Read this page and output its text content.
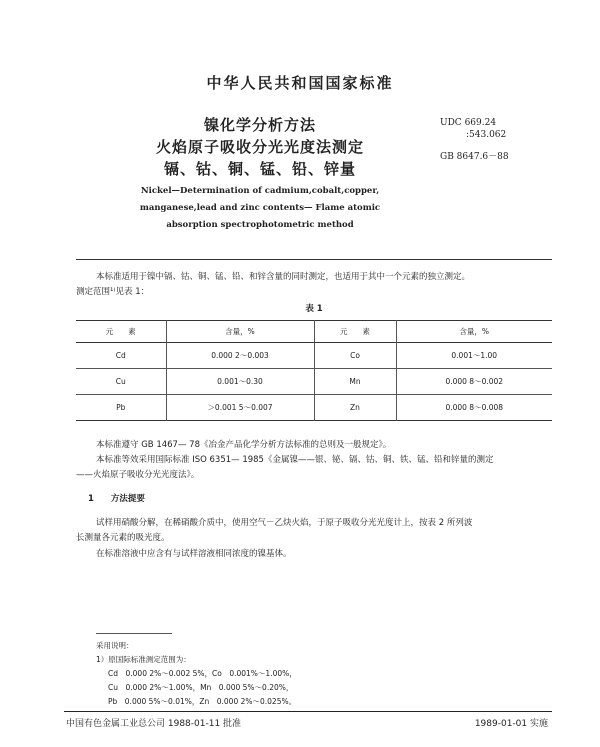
中华人民共和国国家标准
镍化学分析方法
火焰原子吸收分光光度法测定
镉、钴、铜、锰、铅、锌量
UDC 669.24
:543.062
GB 8647.6－88
Nickel—Determination of cadmium,cobalt,copper,
manganese,lead and zinc contents— Flame atomic
absorption spectrophotometric method
本标准适用于镍中镉、钴、铜、锰、铅、和锌含量的同时测定，也适用于其中一个元素的独立测定。
测定范围¹⁾见表 1：
表 1
元　　素	含量，%	元　　素	含量，%
Cd	0.000 2～0.003	Co	0.001～1.00
Cu	0.001～0.30	Mn	0.000 8～0.002
Pb	＞0.001 5～0.007	Zn	0.000 8～0.008
本标准遵守 GB 1467— 78《冶金产品化学分析方法标准的总则及一般规定》。
本标准等效采用国际标准 ISO 6351— 1985《金属镍——银、铋、镉、钴、铜、铁、锰、铅和锌量的测定
——火焰原子吸收分光光度法》。
1 方法提要
试样用硝酸分解，在稀硝酸介质中，使用空气－乙炔火焰，于原子吸收分光光度计上，按表 2 所列波
长测量各元素的吸光度。
在标准溶液中应含有与试样溶液相同浓度的镍基体。
采用说明：
1）原国际标准测定范围为：
Cd　0.000 2%～0.002 5%，Co　0.001%～1.00%，
Cu　0.000 2%～1.00%，Mn　0.000 5%～0.20%，
Pb　0.000 5%～0.01%，Zn　0.000 2%～0.025%。
中国有色金属工业总公司 1988-01-11 批准	1989-01-01 实施
